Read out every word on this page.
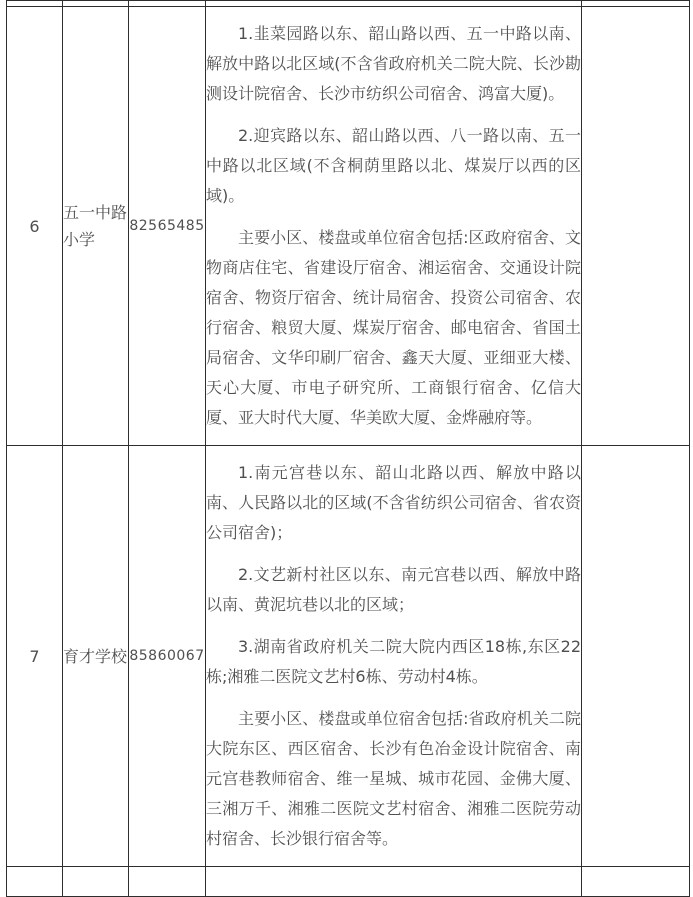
6	五一中路小学	82565485	1.韭菜园路以东、韶山路以西、五一中路以南、解放中路以北区域(不含省政府机关二院大院、长沙勘测设计院宿舍、长沙市纺织公司宿舍、鸿富大厦)。

2.迎宾路以东、韶山路以西、八一路以南、五一中路以北区域(不含桐荫里路以北、煤炭厅以西的区域)。

主要小区、楼盘或单位宿舍包括:区政府宿舍、文物商店住宅、省建设厅宿舍、湘运宿舍、交通设计院宿舍、物资厅宿舍、统计局宿舍、投资公司宿舍、农行宿舍、粮贸大厦、煤炭厅宿舍、邮电宿舍、省国土局宿舍、文华印刷厂宿舍、鑫天大厦、亚细亚大楼、天心大厦、市电子研究所、工商银行宿舍、亿信大厦、亚大时代大厦、华美欧大厦、金烨融府等。	

7	育才学校	85860067	1.南元宫巷以东、韶山北路以西、解放中路以南、人民路以北的区域(不含省纺织公司宿舍、省农资公司宿舍)；

2.文艺新村社区以东、南元宫巷以西、解放中路以南、黄泥坑巷以北的区域；

3.湖南省政府机关二院大院内西区18栋,东区22栋;湘雅二医院文艺村6栋、劳动村4栋。

主要小区、楼盘或单位宿舍包括:省政府机关二院大院东区、西区宿舍、长沙有色冶金设计院宿舍、南元宫巷教师宿舍、维一星城、城市花园、金佛大厦、三湘万千、湘雅二医院文艺村宿舍、湘雅二医院劳动村宿舍、长沙银行宿舍等。	
